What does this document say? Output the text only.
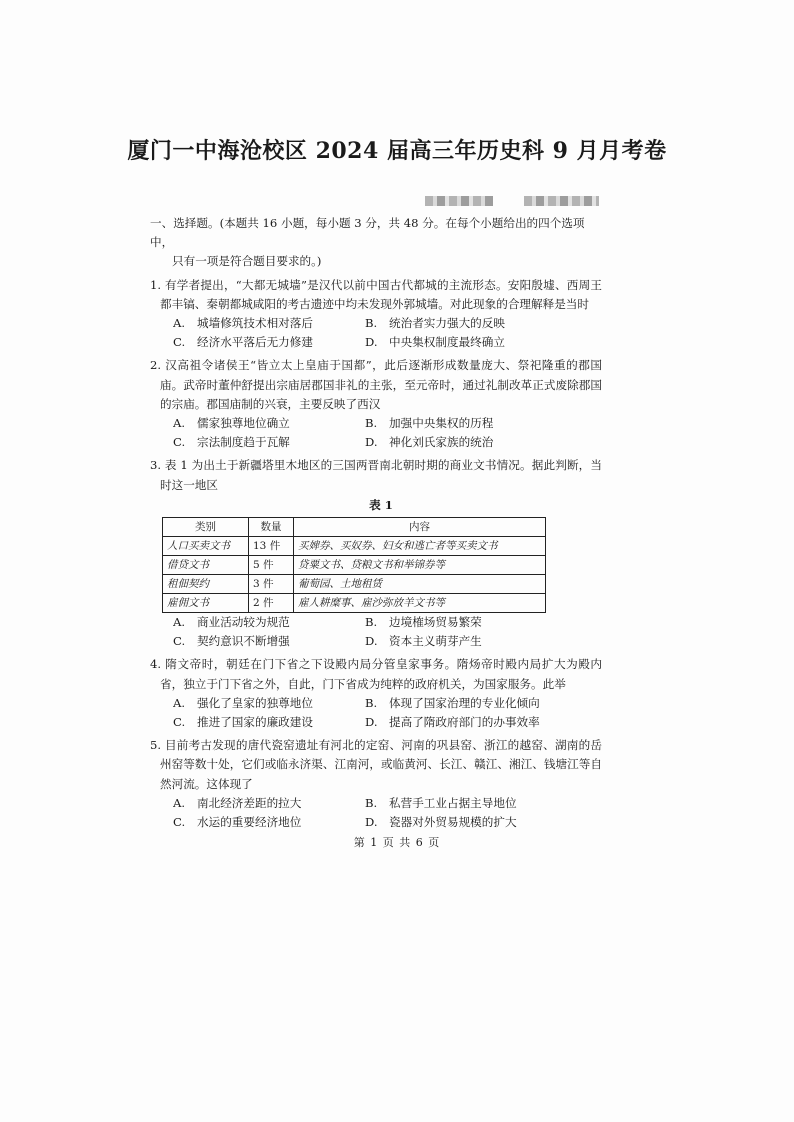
厦门一中海沧校区 2024 届高三年历史科 9 月月考卷
一、选择题。(本题共 16 小题，每小题 3 分，共 48 分。在每个小题给出的四个选项中，
只有一项是符合题目要求的。)
1. 有学者提出，“大都无城墙”是汉代以前中国古代都城的主流形态。安阳殷墟、西周王都丰镐、秦朝都城咸阳的考古遗迹中均未发现外郭城墙。对此现象的合理解释是当时
A. 城墙修筑技术相对落后	B. 统治者实力强大的反映
C. 经济水平落后无力修建	D. 中央集权制度最终确立
2. 汉高祖令诸侯王“皆立太上皇庙于国都”，此后逐渐形成数量庞大、祭祀隆重的郡国庙。武帝时董仲舒提出宗庙居郡国非礼的主张，至元帝时，通过礼制改革正式废除郡国的宗庙。郡国庙制的兴衰，主要反映了西汉
A. 儒家独尊地位确立	B. 加强中央集权的历程
C. 宗法制度趋于瓦解	D. 神化刘氏家族的统治
3. 表 1 为出土于新疆塔里木地区的三国两晋南北朝时期的商业文书情况。据此判断，当时这一地区
表 1
类别	数量	内容
人口买卖文书	13 件	买婢券、买奴券、妇女和逃亡者等买卖文书
借贷文书	5 件	贷粟文书、贷粮文书和举锦券等
租佃契约	3 件	葡萄园、土地租赁
雇佣文书	2 件	雇人耕糜事、雇沙弥放羊文书等
A. 商业活动较为规范	B. 边境榷场贸易繁荣
C. 契约意识不断增强	D. 资本主义萌芽产生
4. 隋文帝时，朝廷在门下省之下设殿内局分管皇家事务。隋炀帝时殿内局扩大为殿内省，独立于门下省之外，自此，门下省成为纯粹的政府机关，为国家服务。此举
A. 强化了皇家的独尊地位	B. 体现了国家治理的专业化倾向
C. 推进了国家的廉政建设	D. 提高了隋政府部门的办事效率
5. 目前考古发现的唐代瓷窑遗址有河北的定窑、河南的巩县窑、浙江的越窑、湖南的岳州窑等数十处，它们或临永济渠、江南河，或临黄河、长江、赣江、湘江、钱塘江等自然河流。这体现了
A. 南北经济差距的拉大	B. 私营手工业占据主导地位
C. 水运的重要经济地位	D. 瓷器对外贸易规模的扩大
第 1 页 共 6 页
